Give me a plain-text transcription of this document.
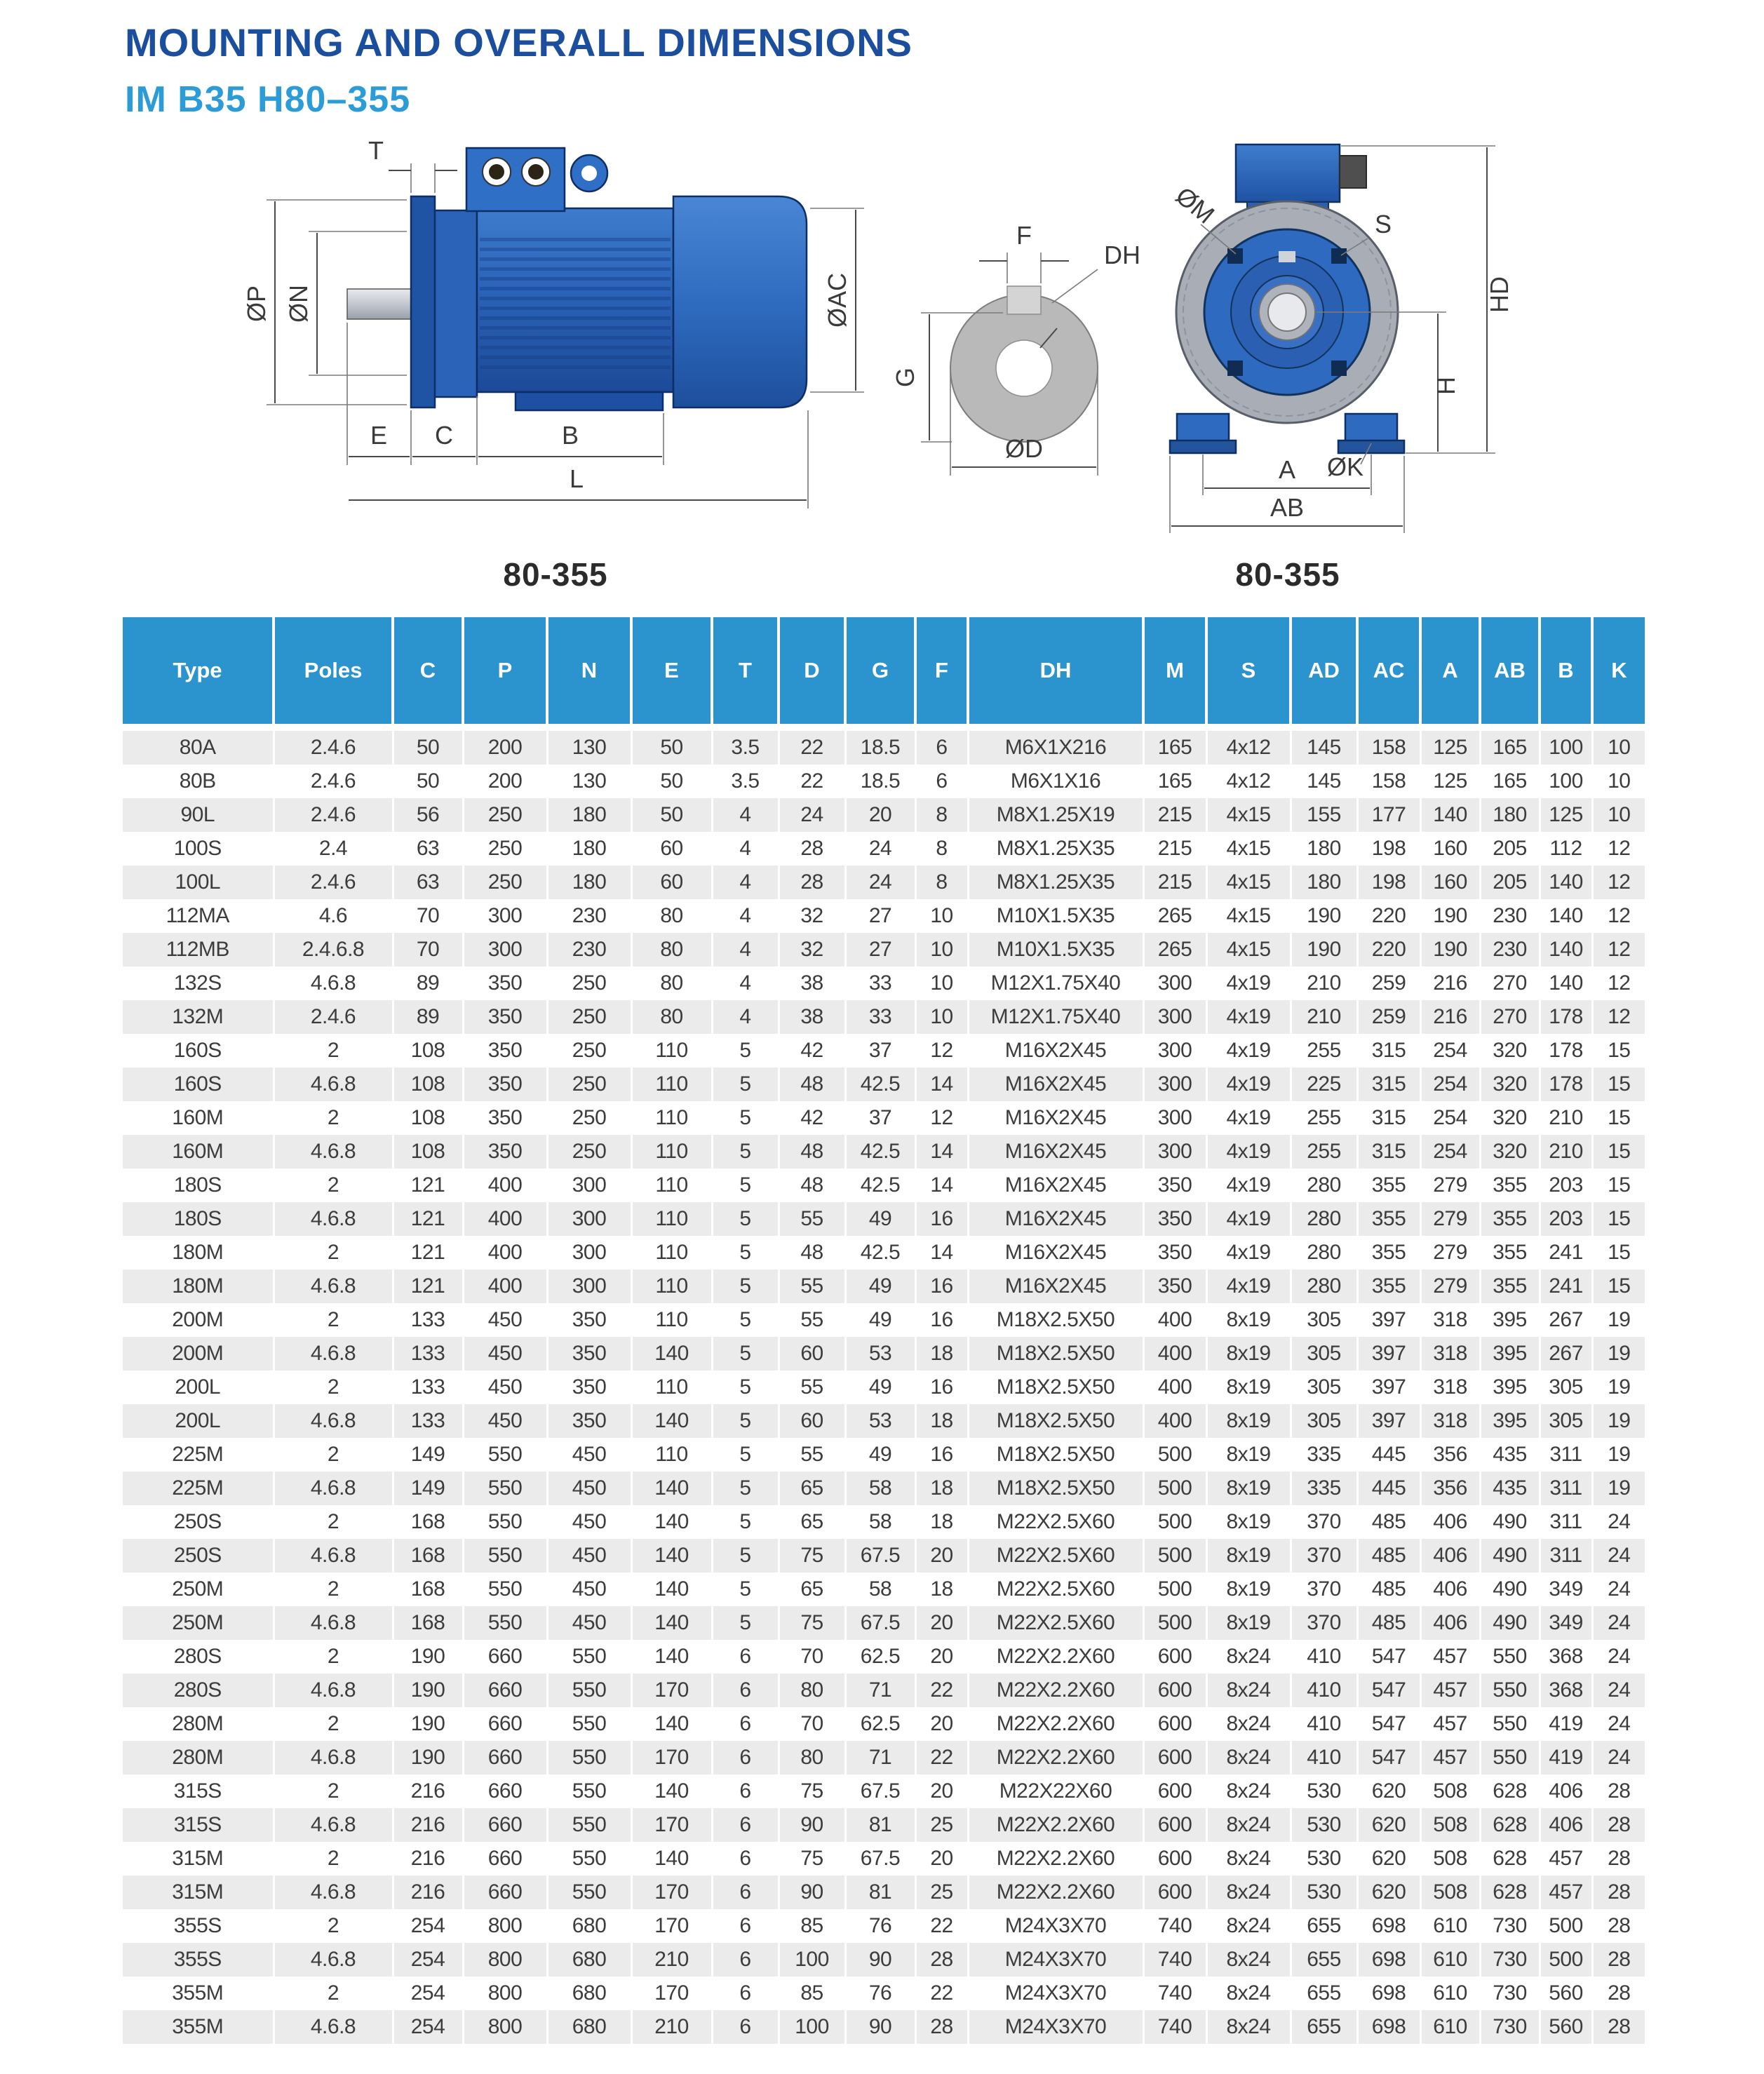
MOUNTING AND OVERALL DIMENSIONS
IM B35 H80–355
T
ØP ØN	ØAC
E C	B
L
F
DH
G
ØD
ØM	S
HD
H
ØK
A
AB
80-355	80-355
Type	Poles	C	P	N	E	T	D	G	F	DH	M	S	AD	AC	A	AB	B	K
80A	2.4.6	50	200	130	50	3.5	22	18.5	6	M6X1X216	165	4x12	145	158	125	165	100	10
80B	2.4.6	50	200	130	50	3.5	22	18.5	6	M6X1X16	165	4x12	145	158	125	165	100	10
90L	2.4.6	56	250	180	50	4	24	20	8	M8X1.25X19	215	4x15	155	177	140	180	125	10
100S	2.4	63	250	180	60	4	28	24	8	M8X1.25X35	215	4x15	180	198	160	205	112	12
100L	2.4.6	63	250	180	60	4	28	24	8	M8X1.25X35	215	4x15	180	198	160	205	140	12
112MA	4.6	70	300	230	80	4	32	27	10	M10X1.5X35	265	4x15	190	220	190	230	140	12
112MB	2.4.6.8	70	300	230	80	4	32	27	10	M10X1.5X35	265	4x15	190	220	190	230	140	12
132S	4.6.8	89	350	250	80	4	38	33	10	M12X1.75X40	300	4x19	210	259	216	270	140	12
132M	2.4.6	89	350	250	80	4	38	33	10	M12X1.75X40	300	4x19	210	259	216	270	178	12
160S	2	108	350	250	110	5	42	37	12	M16X2X45	300	4x19	255	315	254	320	178	15
160S	4.6.8	108	350	250	110	5	48	42.5	14	M16X2X45	300	4x19	225	315	254	320	178	15
160M	2	108	350	250	110	5	42	37	12	M16X2X45	300	4x19	255	315	254	320	210	15
160M	4.6.8	108	350	250	110	5	48	42.5	14	M16X2X45	300	4x19	255	315	254	320	210	15
180S	2	121	400	300	110	5	48	42.5	14	M16X2X45	350	4x19	280	355	279	355	203	15
180S	4.6.8	121	400	300	110	5	55	49	16	M16X2X45	350	4x19	280	355	279	355	203	15
180M	2	121	400	300	110	5	48	42.5	14	M16X2X45	350	4x19	280	355	279	355	241	15
180M	4.6.8	121	400	300	110	5	55	49	16	M16X2X45	350	4x19	280	355	279	355	241	15
200M	2	133	450	350	110	5	55	49	16	M18X2.5X50	400	8x19	305	397	318	395	267	19
200M	4.6.8	133	450	350	140	5	60	53	18	M18X2.5X50	400	8x19	305	397	318	395	267	19
200L	2	133	450	350	110	5	55	49	16	M18X2.5X50	400	8x19	305	397	318	395	305	19
200L	4.6.8	133	450	350	140	5	60	53	18	M18X2.5X50	400	8x19	305	397	318	395	305	19
225M	2	149	550	450	110	5	55	49	16	M18X2.5X50	500	8x19	335	445	356	435	311	19
225M	4.6.8	149	550	450	140	5	65	58	18	M18X2.5X50	500	8x19	335	445	356	435	311	19
250S	2	168	550	450	140	5	65	58	18	M22X2.5X60	500	8x19	370	485	406	490	311	24
250S	4.6.8	168	550	450	140	5	75	67.5	20	M22X2.5X60	500	8x19	370	485	406	490	311	24
250M	2	168	550	450	140	5	65	58	18	M22X2.5X60	500	8x19	370	485	406	490	349	24
250M	4.6.8	168	550	450	140	5	75	67.5	20	M22X2.5X60	500	8x19	370	485	406	490	349	24
280S	2	190	660	550	140	6	70	62.5	20	M22X2.2X60	600	8x24	410	547	457	550	368	24
280S	4.6.8	190	660	550	170	6	80	71	22	M22X2.2X60	600	8x24	410	547	457	550	368	24
280M	2	190	660	550	140	6	70	62.5	20	M22X2.2X60	600	8x24	410	547	457	550	419	24
280M	4.6.8	190	660	550	170	6	80	71	22	M22X2.2X60	600	8x24	410	547	457	550	419	24
315S	2	216	660	550	140	6	75	67.5	20	M22X22X60	600	8x24	530	620	508	628	406	28
315S	4.6.8	216	660	550	170	6	90	81	25	M22X2.2X60	600	8x24	530	620	508	628	406	28
315M	2	216	660	550	140	6	75	67.5	20	M22X2.2X60	600	8x24	530	620	508	628	457	28
315M	4.6.8	216	660	550	170	6	90	81	25	M22X2.2X60	600	8x24	530	620	508	628	457	28
355S	2	254	800	680	170	6	85	76	22	M24X3X70	740	8x24	655	698	610	730	500	28
355S	4.6.8	254	800	680	210	6	100	90	28	M24X3X70	740	8x24	655	698	610	730	500	28
355M	2	254	800	680	170	6	85	76	22	M24X3X70	740	8x24	655	698	610	730	560	28
355M	4.6.8	254	800	680	210	6	100	90	28	M24X3X70	740	8x24	655	698	610	730	560	28
